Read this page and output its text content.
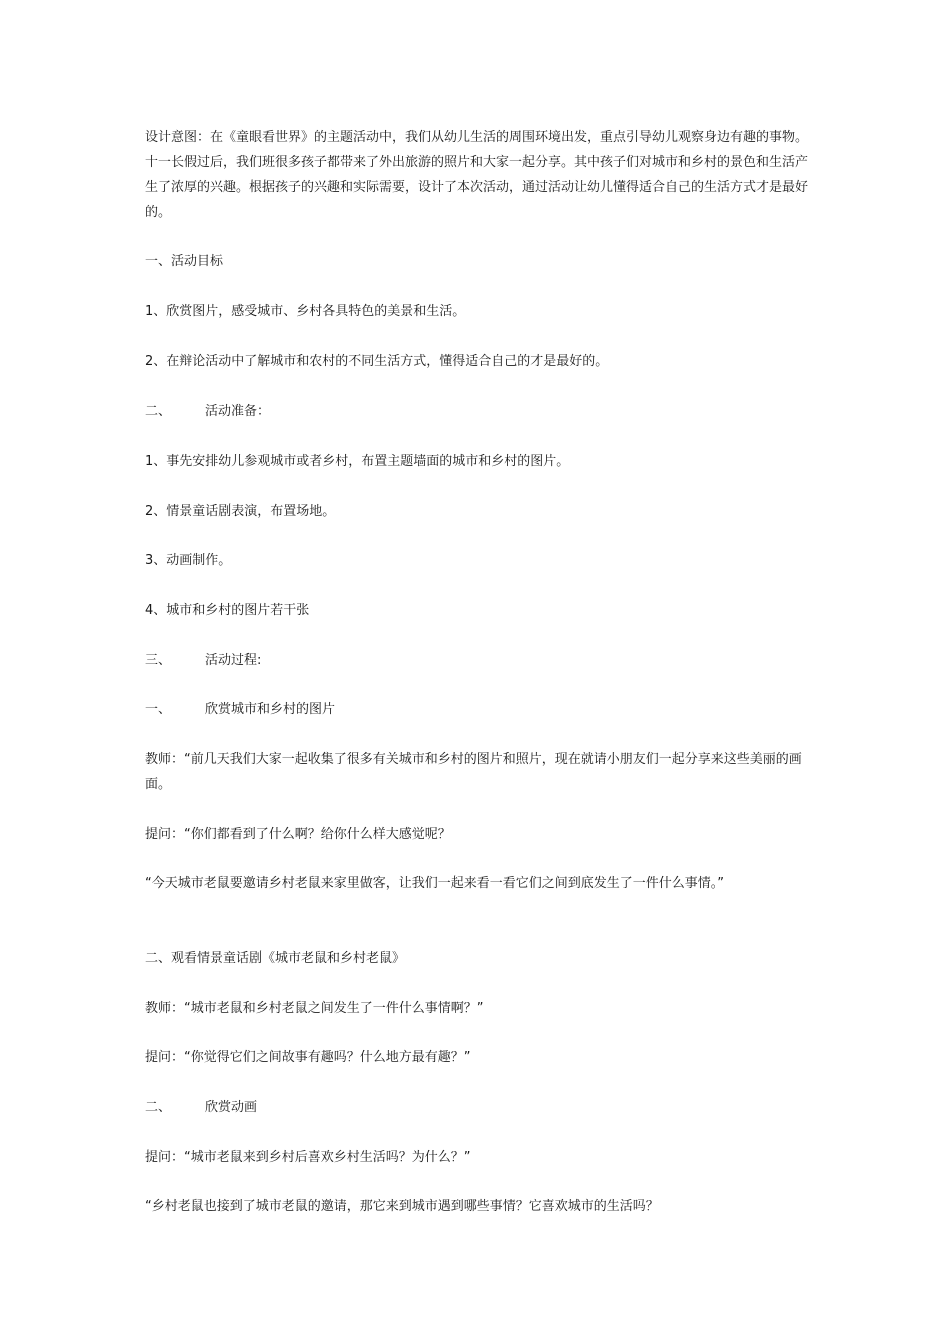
设计意图：在《童眼看世界》的主题活动中，我们从幼儿生活的周围环境出发，重点引导幼儿观察身边有趣的事物。十一长假过后，我们班很多孩子都带来了外出旅游的照片和大家一起分享。其中孩子们对城市和乡村的景色和生活产生了浓厚的兴趣。根据孩子的兴趣和实际需要，设计了本次活动，通过活动让幼儿懂得适合自己的生活方式才是最好的。

一、活动目标

1、欣赏图片，感受城市、乡村各具特色的美景和生活。

2、在辩论活动中了解城市和农村的不同生活方式，懂得适合自己的才是最好的。

二、	活动准备：

1、事先安排幼儿参观城市或者乡村，布置主题墙面的城市和乡村的图片。

2、情景童话剧表演，布置场地。

3、动画制作。

4、城市和乡村的图片若干张

三、	活动过程:

一、	欣赏城市和乡村的图片

教师：“前几天我们大家一起收集了很多有关城市和乡村的图片和照片，现在就请小朋友们一起分享来这些美丽的画面。

提问：“你们都看到了什么啊？给你什么样大感觉呢？

“今天城市老鼠要邀请乡村老鼠来家里做客，让我们一起来看一看它们之间到底发生了一件什么事情。”

二、观看情景童话剧《城市老鼠和乡村老鼠》

教师：“城市老鼠和乡村老鼠之间发生了一件什么事情啊？”

提问：“你觉得它们之间故事有趣吗？什么地方最有趣？”

二、	欣赏动画

提问：“城市老鼠来到乡村后喜欢乡村生活吗？为什么？”

“乡村老鼠也接到了城市老鼠的邀请，那它来到城市遇到哪些事情？它喜欢城市的生活吗？
